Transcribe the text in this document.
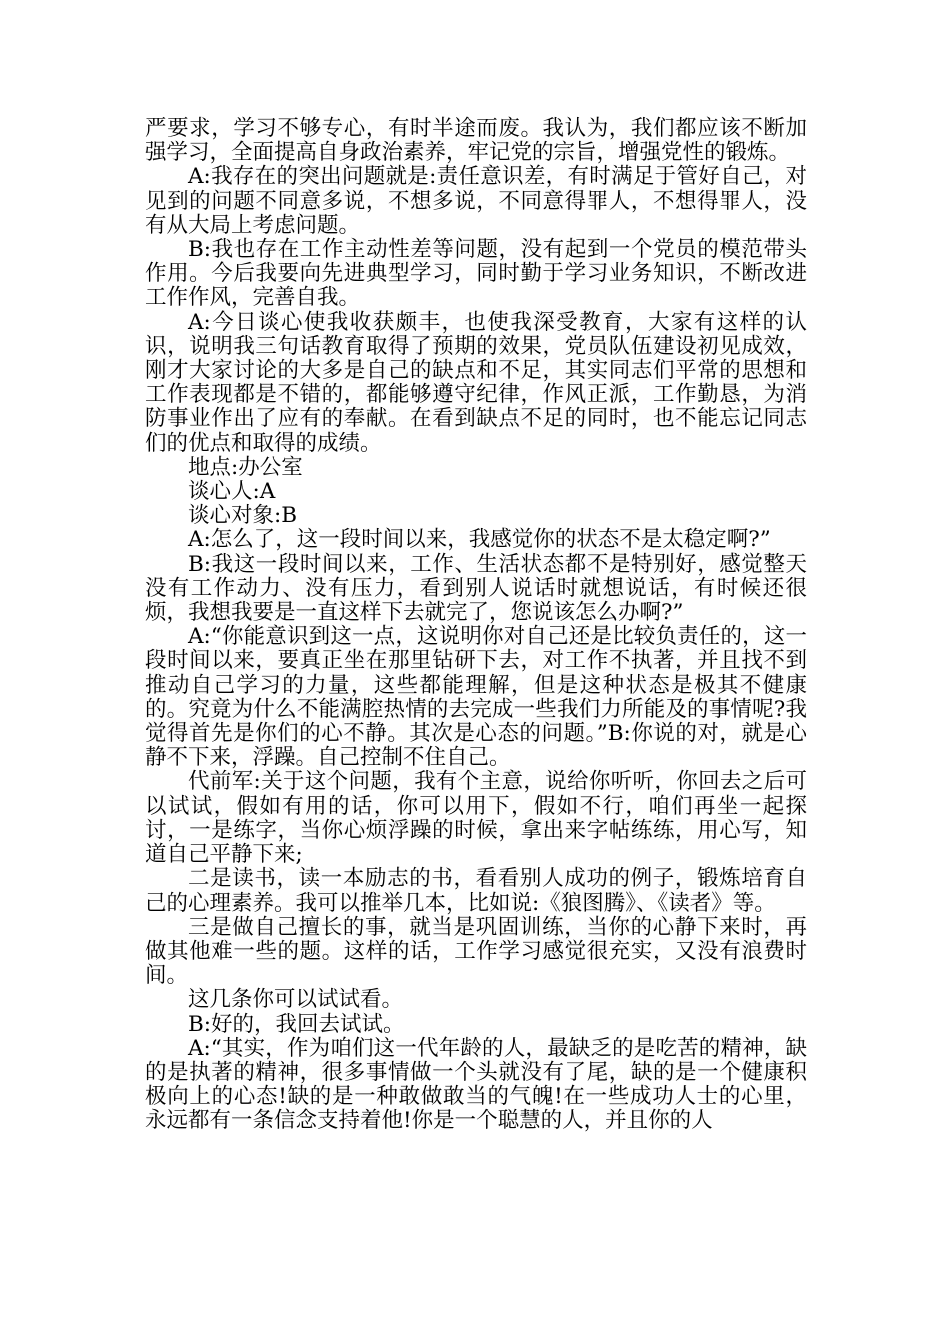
严要求，学习不够专心，有时半途而废。我认为，我们都应该不断加强学习，全面提高自身政治素养，牢记党的宗旨，增强党性的锻炼。

A:我存在的突出问题就是:责任意识差，有时满足于管好自己，对见到的问题不同意多说，不想多说，不同意得罪人，不想得罪人，没有从大局上考虑问题。

B:我也存在工作主动性差等问题，没有起到一个党员的模范带头作用。今后我要向先进典型学习，同时勤于学习业务知识，不断改进工作作风，完善自我。

A:今日谈心使我收获颇丰，也使我深受教育，大家有这样的认识，说明我三句话教育取得了预期的效果，党员队伍建设初见成效，刚才大家讨论的大多是自己的缺点和不足，其实同志们平常的思想和工作表现都是不错的，都能够遵守纪律，作风正派，工作勤恳，为消防事业作出了应有的奉献。在看到缺点不足的同时，也不能忘记同志们的优点和取得的成绩。

地点:办公室

谈心人:A

谈心对象:B

A:怎么了，这一段时间以来，我感觉你的状态不是太稳定啊?”

B:我这一段时间以来，工作、生活状态都不是特别好，感觉整天没有工作动力、没有压力，看到别人说话时就想说话，有时候还很烦，我想我要是一直这样下去就完了，您说该怎么办啊?”

A:“你能意识到这一点，这说明你对自己还是比较负责任的，这一段时间以来，要真正坐在那里钻研下去，对工作不执著，并且找不到推动自己学习的力量，这些都能理解，但是这种状态是极其不健康的。究竟为什么不能满腔热情的去完成一些我们力所能及的事情呢?我觉得首先是你们的心不静。其次是心态的问题。”B:你说的对，就是心静不下来，浮躁。自己控制不住自己。

代前军:关于这个问题，我有个主意，说给你听听，你回去之后可以试试，假如有用的话，你可以用下，假如不行，咱们再坐一起探讨，一是练字，当你心烦浮躁的时候，拿出来字帖练练，用心写，知道自己平静下来;

二是读书，读一本励志的书，看看别人成功的例子，锻炼培育自己的心理素养。我可以推举几本，比如说:《狼图腾》、《读者》等。

三是做自己擅长的事，就当是巩固训练，当你的心静下来时，再做其他难一些的题。这样的话，工作学习感觉很充实，又没有浪费时间。

这几条你可以试试看。

B:好的，我回去试试。

A:“其实，作为咱们这一代年龄的人，最缺乏的是吃苦的精神，缺的是执著的精神，很多事情做一个头就没有了尾，缺的是一个健康积极向上的心态!缺的是一种敢做敢当的气魄!在一些成功人士的心里，永远都有一条信念支持着他!你是一个聪慧的人，并且你的人
